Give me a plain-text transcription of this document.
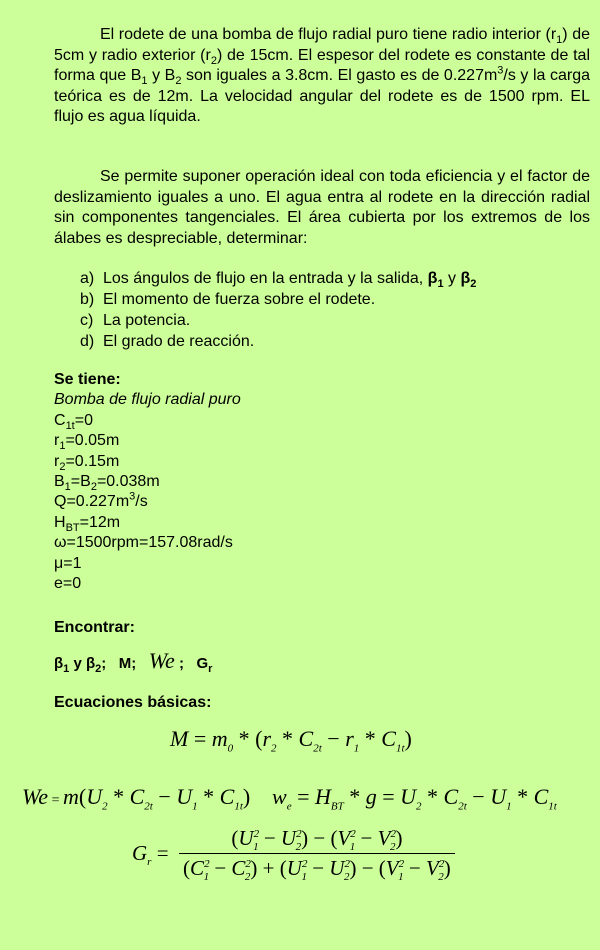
El rodete de una bomba de flujo radial puro tiene radio interior $(r_1)$ de 5cm y radio exterior $(r_2)$ de 15cm. El espesor del rodete es constante de tal forma que $B_1$ y $B_2$ son iguales a 3.8cm. El gasto es de $0.227m^3/s$ y la carga teórica es de 12m. La velocidad angular del rodete es de 1500 rpm. EL flujo es agua líquida.

Se permite suponer operación ideal con toda eficiencia y el factor de deslizamiento iguales a uno. El agua entra al rodete en la dirección radial sin componentes tangenciales. El área cubierta por los extremos de los álabes es despreciable, determinar:

a) Los ángulos de flujo en la entrada y la salida, $\beta_1$ y $\beta_2$
b) El momento de fuerza sobre el rodete.
c) La potencia.
d) El grado de reacción.
Se tiene:
Bomba de flujo radial puro
$C_{1t}=0$
$r_1=0.05m$
$r_2=0.15m$
$B_1=B_2=0.038m$
$Q=0.227m^3/s$
$H_{BT}=12m$
ω=1500rpm=157.08rad/s
μ=1
e=0
Encontrar:
$\beta_1$ y $\beta_2$;   M;   We ;   $G_r$
Ecuaciones básicas:
$M = m_0 * (r_2 * C_{2t} - r_1 * C_{1t})$
$We = m(U_2 * C_{2t} - U_1 * C_{1t}) w_e = H_{BT} * g = U_2 * C_{2t} - U_1 * C_{1t}$
$G_r = \frac{(U^2_1 - U^2_2) - (V^2_1 - V^2_2)}{(C^2_1 - C^2_2) + (U^2_1 - U^2_2) - (V^2_1 - V^2_2)}$
